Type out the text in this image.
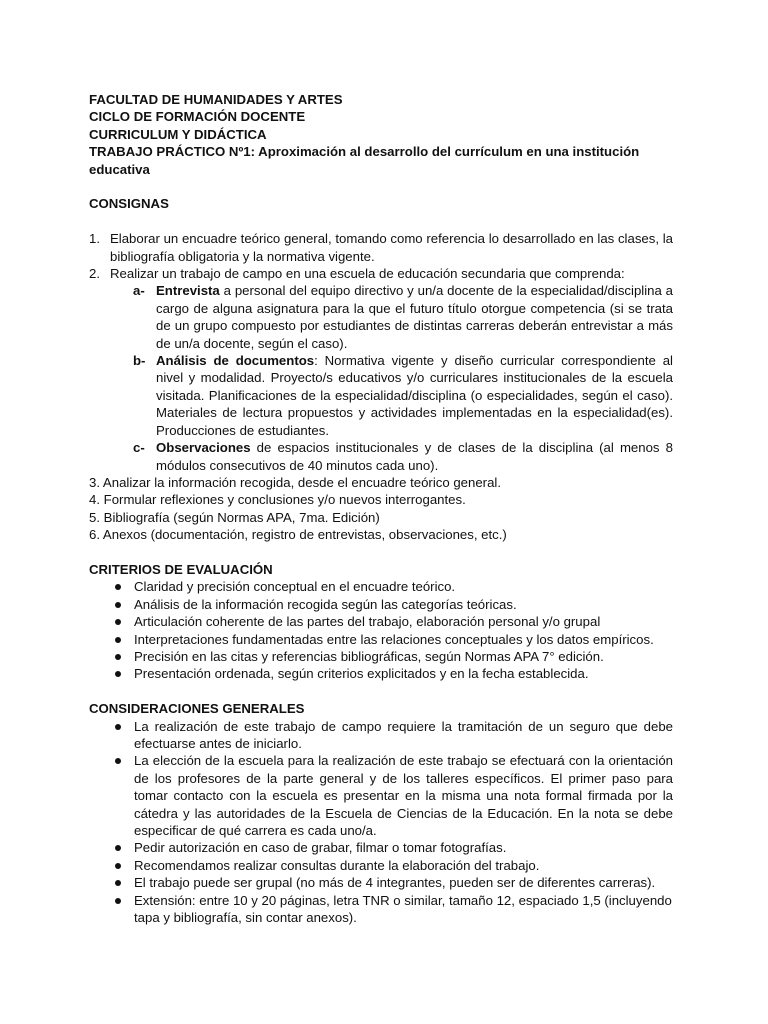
FACULTAD DE HUMANIDADES Y ARTES
CICLO DE FORMACIÓN DOCENTE
CURRICULUM Y DIDÁCTICA
TRABAJO PRÁCTICO Nº1: Aproximación al desarrollo del currículum en una institución educativa
CONSIGNAS
1. Elaborar un encuadre teórico general, tomando como referencia lo desarrollado en las clases, la bibliografía obligatoria y la normativa vigente.
2. Realizar un trabajo de campo en una escuela de educación secundaria que comprenda:
a- Entrevista a personal del equipo directivo y un/a docente de la especialidad/disciplina a cargo de alguna asignatura para la que el futuro título otorgue competencia (si se trata de un grupo compuesto por estudiantes de distintas carreras deberán entrevistar a más de un/a docente, según el caso).
b- Análisis de documentos: Normativa vigente y diseño curricular correspondiente al nivel y modalidad. Proyecto/s educativos y/o curriculares institucionales de la escuela visitada. Planificaciones de la especialidad/disciplina (o especialidades, según el caso). Materiales de lectura propuestos y actividades implementadas en la especialidad(es). Producciones de estudiantes.
c- Observaciones de espacios institucionales y de clases de la disciplina (al menos 8 módulos consecutivos de 40 minutos cada uno).

3. Analizar la información recogida, desde el encuadre teórico general.

4. Formular reflexiones y conclusiones y/o nuevos interrogantes.

5. Bibliografía (según Normas APA, 7ma. Edición)

6. Anexos (documentación, registro de entrevistas, observaciones, etc.)

CRITERIOS DE EVALUACIÓN
Claridad y precisión conceptual en el encuadre teórico.
Análisis de la información recogida según las categorías teóricas.
Articulación coherente de las partes del trabajo, elaboración personal y/o grupal
Interpretaciones fundamentadas entre las relaciones conceptuales y los datos empíricos.
Precisión en las citas y referencias bibliográficas, según Normas APA 7° edición.
Presentación ordenada, según criterios explicitados y en la fecha establecida.
CONSIDERACIONES GENERALES
La realización de este trabajo de campo requiere la tramitación de un seguro que debe efectuarse antes de iniciarlo.
La elección de la escuela para la realización de este trabajo se efectuará con la orientación de los profesores de la parte general y de los talleres específicos. El primer paso para tomar contacto con la escuela es presentar en la misma una nota formal firmada por la cátedra y las autoridades de la Escuela de Ciencias de la Educación. En la nota se debe especificar de qué carrera es cada uno/a.
Pedir autorización en caso de grabar, filmar o tomar fotografías.
Recomendamos realizar consultas durante la elaboración del trabajo.
El trabajo puede ser grupal (no más de 4 integrantes, pueden ser de diferentes carreras).
Extensión: entre 10 y 20 páginas, letra TNR o similar, tamaño 12, espaciado 1,5 (incluyendo tapa y bibliografía, sin contar anexos).
